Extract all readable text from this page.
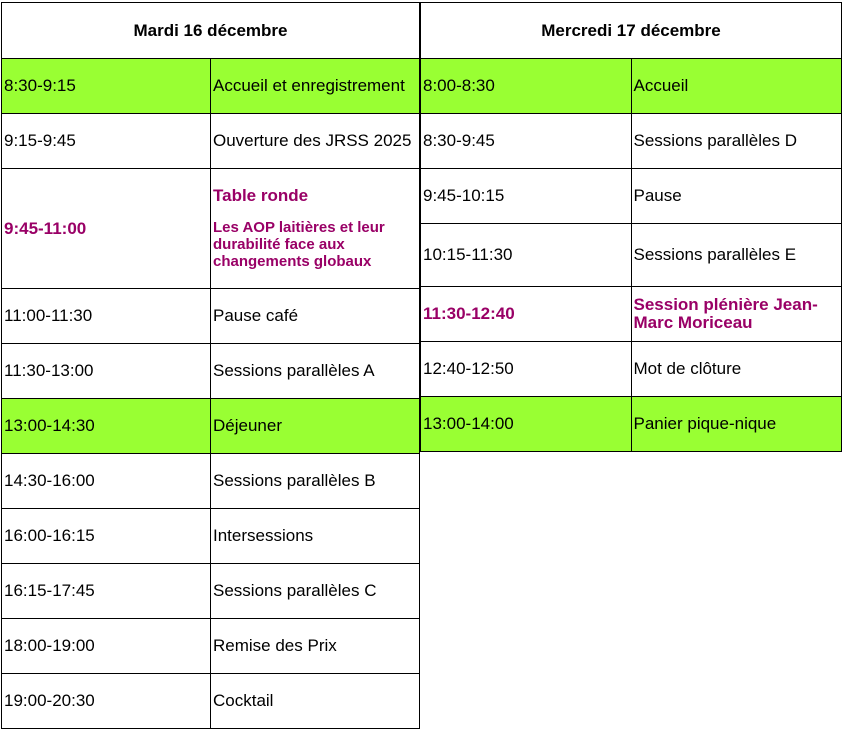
Mardi 16 décembre	
8:30-9:15	Accueil et enregistrement
9:15-9:45	Ouverture des JRSS 2025
9:45-11:00	Table ronde
Les AOP laitières et leur durabilité face aux changements globaux

11:00-11:30	Pause café
11:30-13:00	Sessions parallèles A
13:00-14:30	Déjeuner
14:30-16:00	Sessions parallèles B
16:00-16:15	Intersessions
16:15-17:45	Sessions parallèles C
18:00-19:00	Remise des Prix
19:00-20:30	Cocktail
Mercredi 17 décembre	
8:00-8:30	Accueil
8:30-9:45	Sessions parallèles D
9:45-10:15	Pause
10:15-11:30	Sessions parallèles E
11:30-12:40	Session plénière Jean-Marc Moriceau
12:40-12:50	Mot de clôture
13:00-14:00	Panier pique-nique
